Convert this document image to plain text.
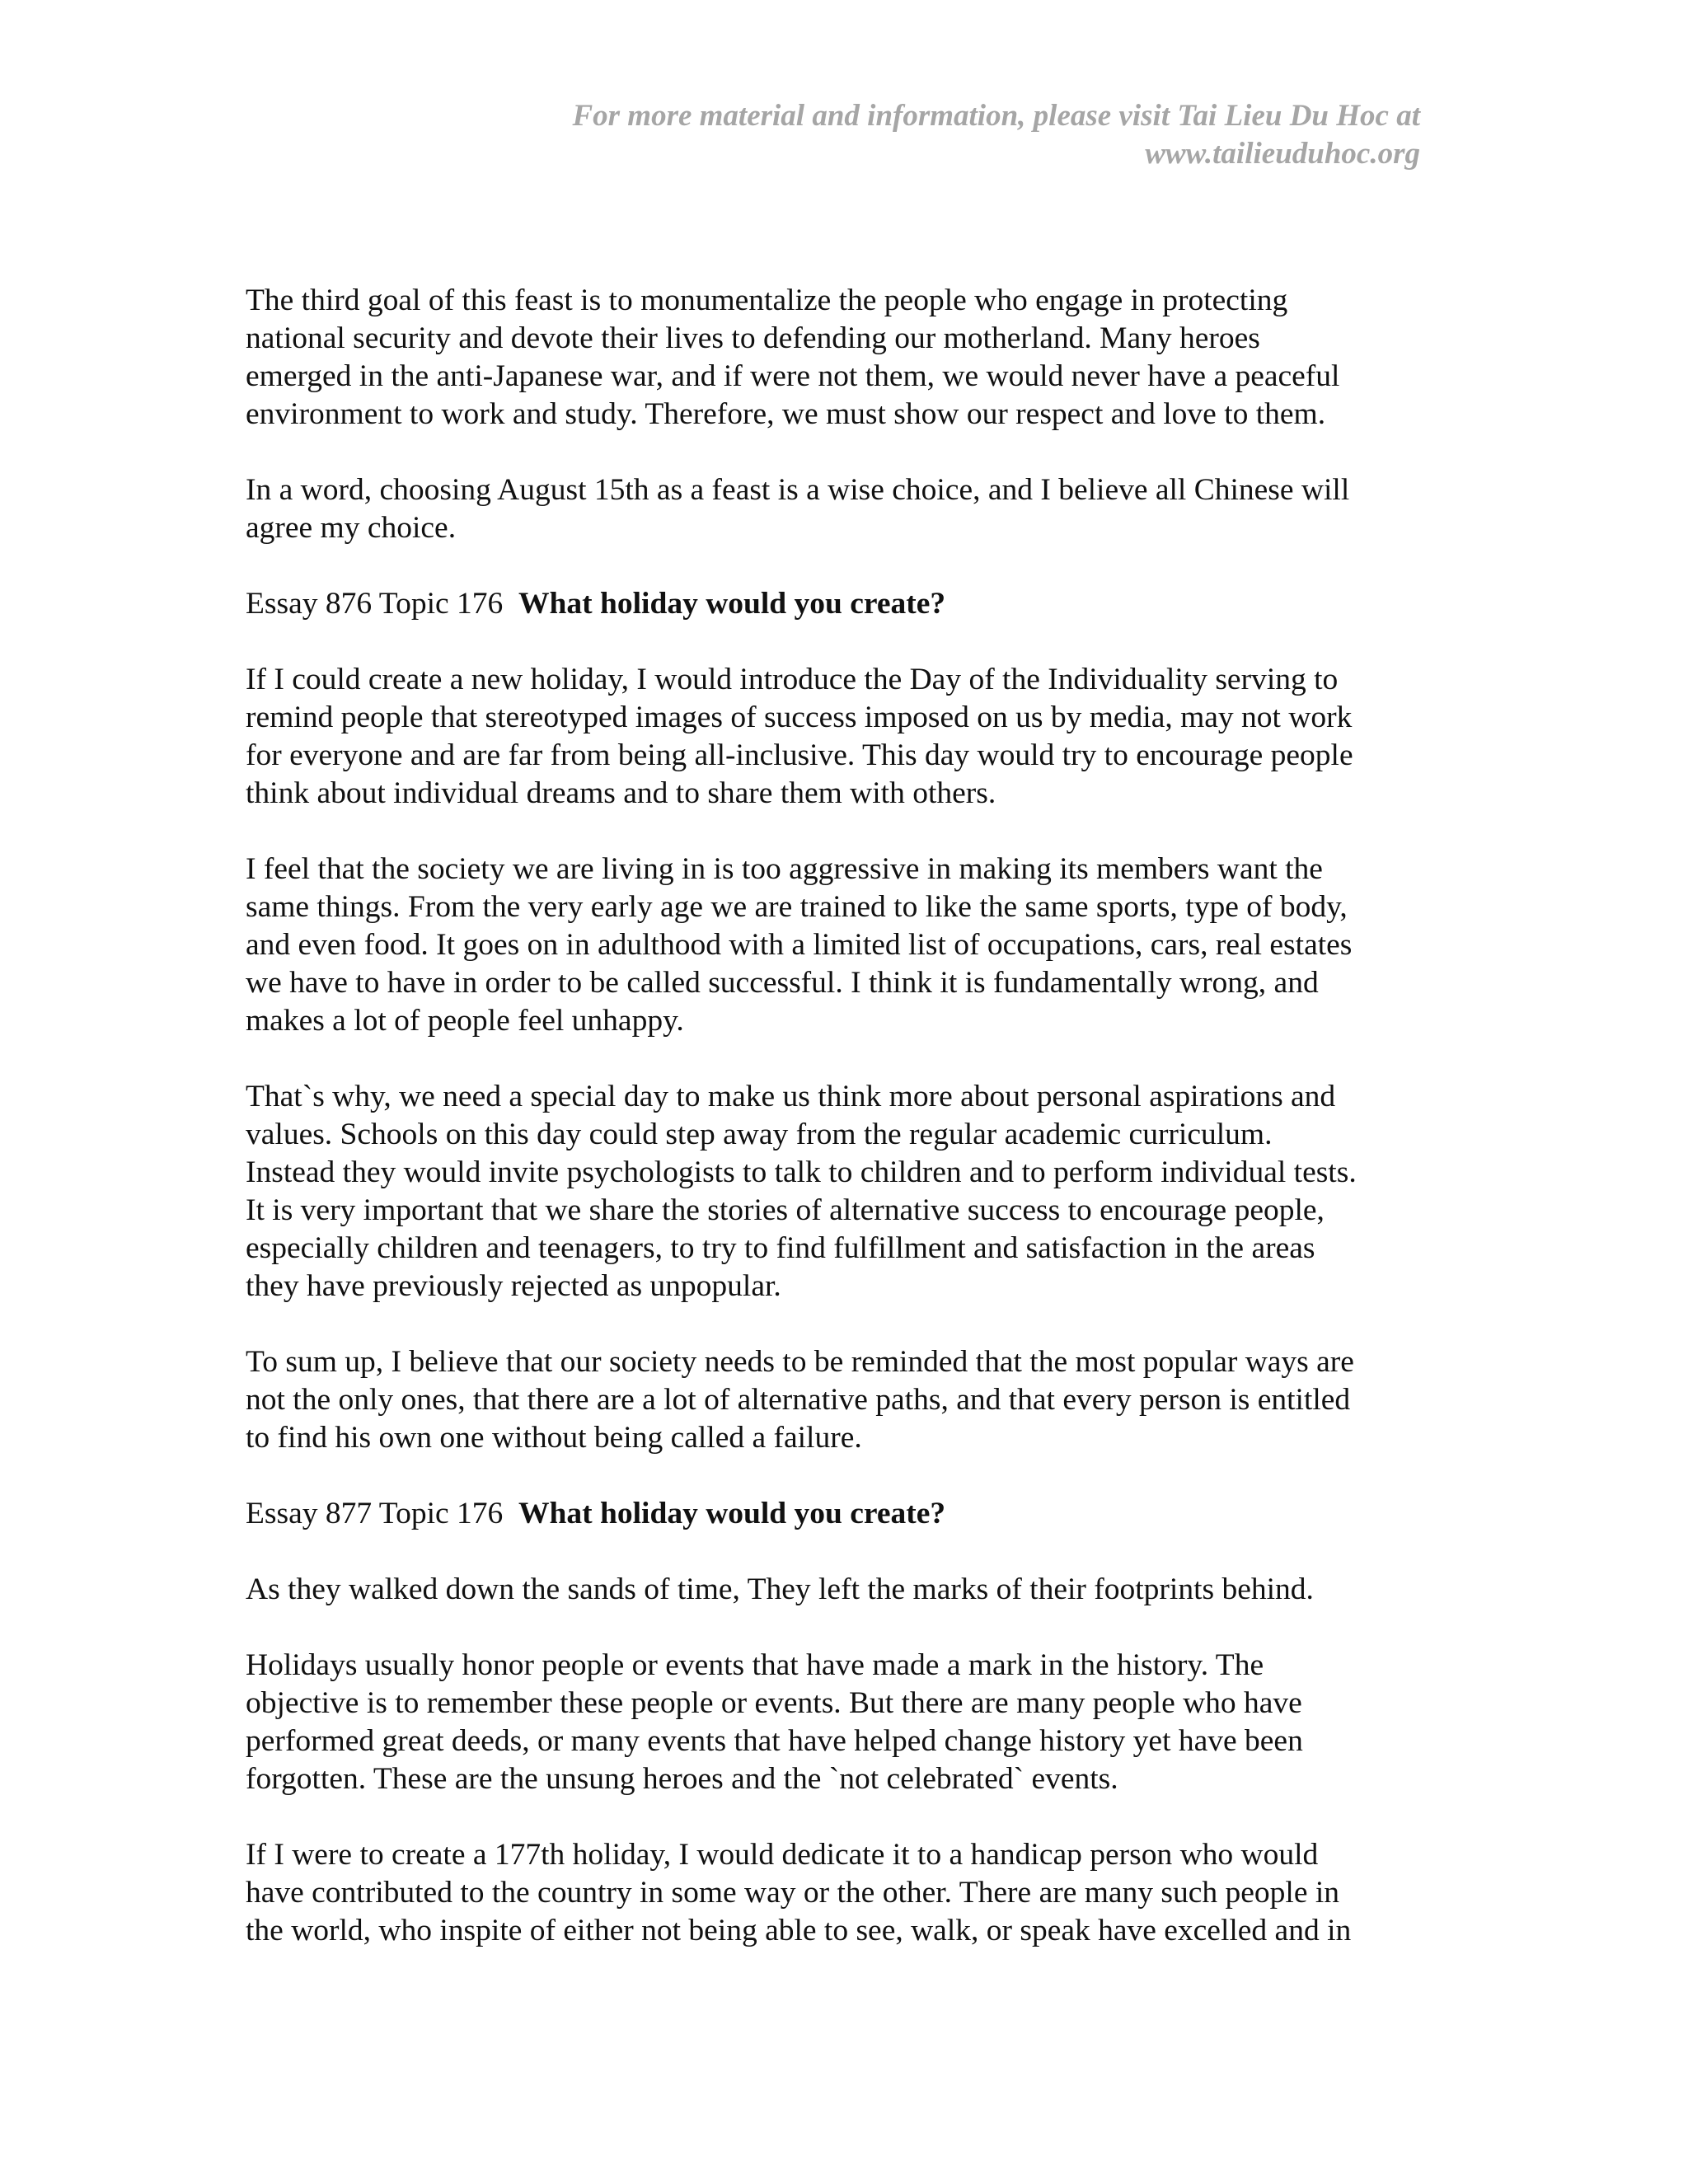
For more material and information, please visit Tai Lieu Du Hoc at
www.tailieuduhoc.org
The third goal of this feast is to monumentalize the people who engage in protecting
national security and devote their lives to defending our motherland. Many heroes
emerged in the anti-Japanese war, and if were not them, we would never have a peaceful
environment to work and study. Therefore, we must show our respect and love to them.
In a word, choosing August 15th as a feast is a wise choice, and I believe all Chinese will
agree my choice.
Essay 876 Topic 176  What holiday would you create?
If I could create a new holiday, I would introduce the Day of the Individuality serving to
remind people that stereotyped images of success imposed on us by media, may not work
for everyone and are far from being all-inclusive. This day would try to encourage people
think about individual dreams and to share them with others.
I feel that the society we are living in is too aggressive in making its members want the
same things. From the very early age we are trained to like the same sports, type of body,
and even food. It goes on in adulthood with a limited list of occupations, cars, real estates
we have to have in order to be called successful. I think it is fundamentally wrong, and
makes a lot of people feel unhappy.
That`s why, we need a special day to make us think more about personal aspirations and
values. Schools on this day could step away from the regular academic curriculum.
Instead they would invite psychologists to talk to children and to perform individual tests.
It is very important that we share the stories of alternative success to encourage people,
especially children and teenagers, to try to find fulfillment and satisfaction in the areas
they have previously rejected as unpopular.
To sum up, I believe that our society needs to be reminded that the most popular ways are
not the only ones, that there are a lot of alternative paths, and that every person is entitled
to find his own one without being called a failure.
Essay 877 Topic 176  What holiday would you create?
As they walked down the sands of time, They left the marks of their footprints behind.
Holidays usually honor people or events that have made a mark in the history. The
objective is to remember these people or events. But there are many people who have
performed great deeds, or many events that have helped change history yet have been
forgotten. These are the unsung heroes and the `not celebrated` events.
If I were to create a 177th holiday, I would dedicate it to a handicap person who would
have contributed to the country in some way or the other. There are many such people in
the world, who inspite of either not being able to see, walk, or speak have excelled and in
